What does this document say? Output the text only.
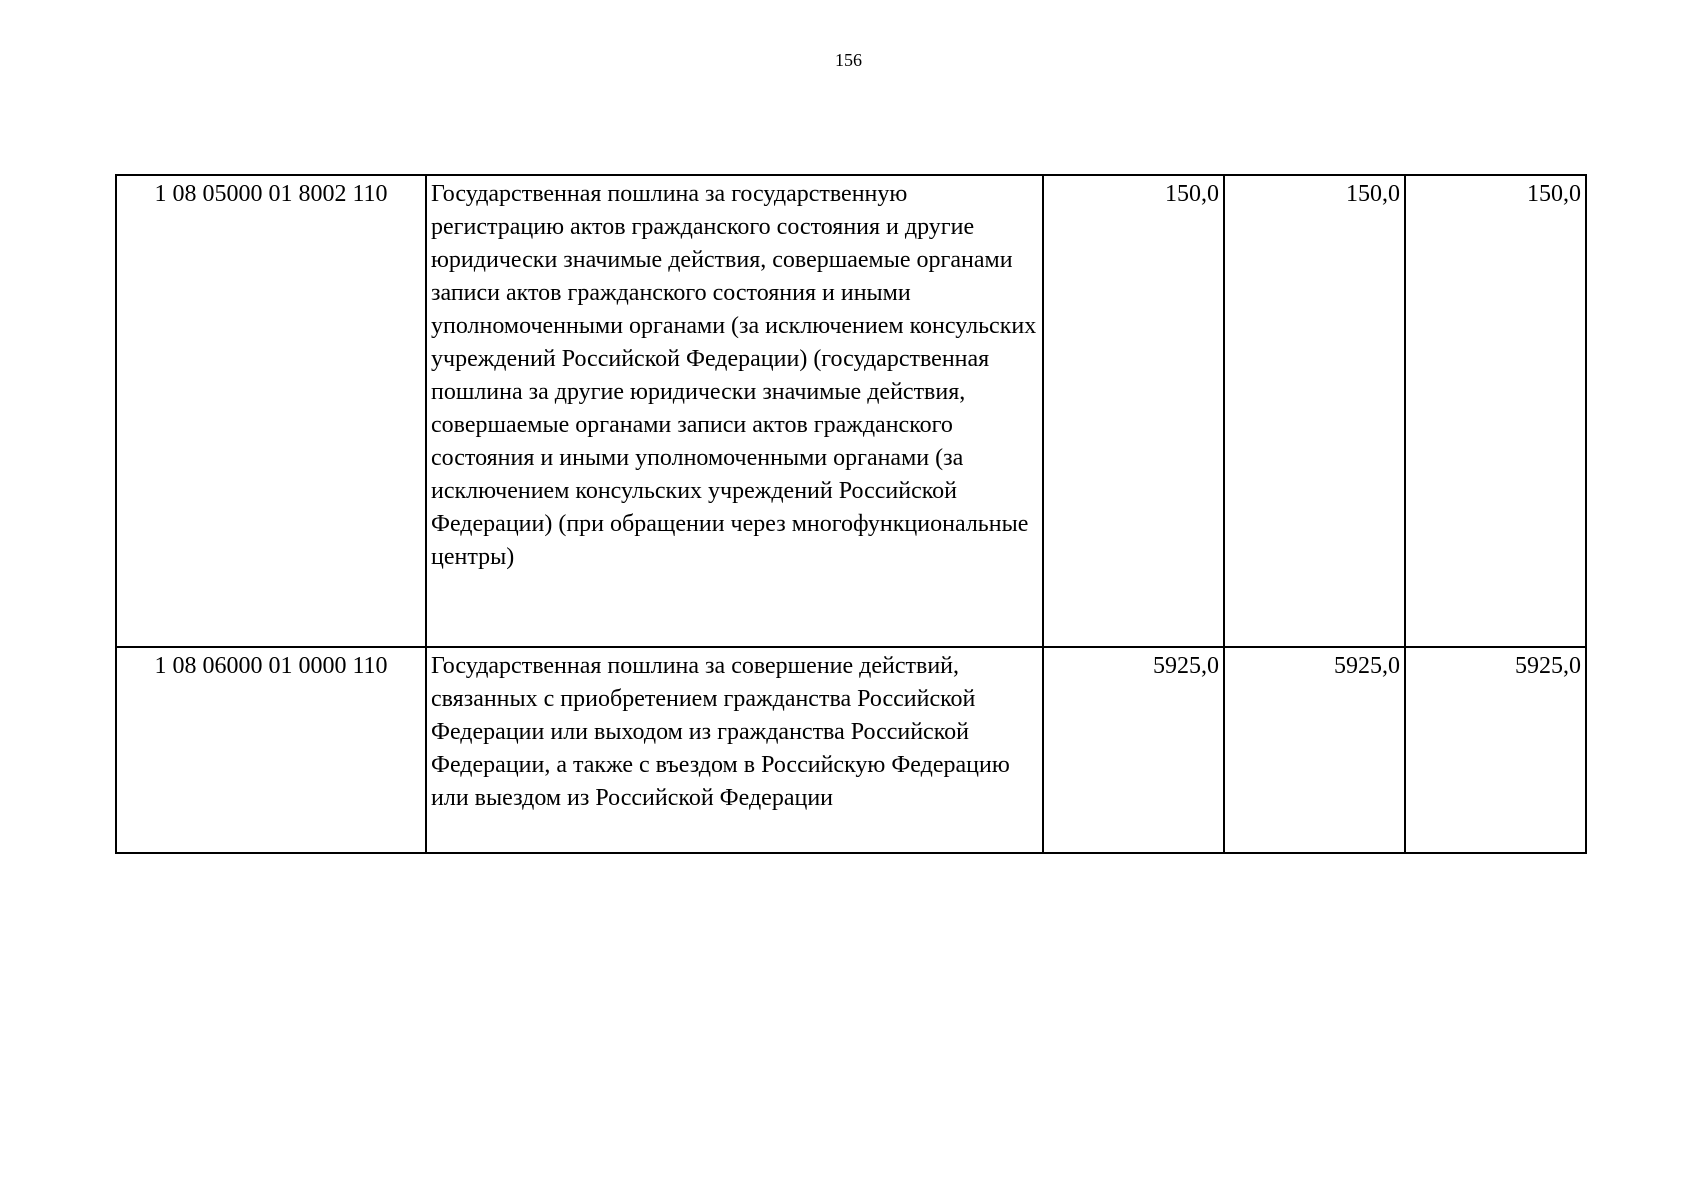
156
1 08 05000 01 8002 110	Государственная пошлина за государственную регистрацию актов гражданского состояния и другие юридически значимые действия, совершаемые органами записи актов гражданского состояния и иными уполномоченными органами (за исключением консульских учреждений Российской Федерации) (государственная пошлина за другие юридически значимые действия, совершаемые органами записи актов гражданского состояния и иными уполномоченными органами (за исключением консульских учреждений Российской Федерации) (при обращении через многофункциональные центры)	150,0	150,0	150,0
1 08 06000 01 0000 110	Государственная пошлина за совершение действий, связанных с приобретением гражданства Российской Федерации или выходом из гражданства Российской Федерации, а также с въездом в Российскую Федерацию или выездом из Российской Федерации	5925,0	5925,0	5925,0
